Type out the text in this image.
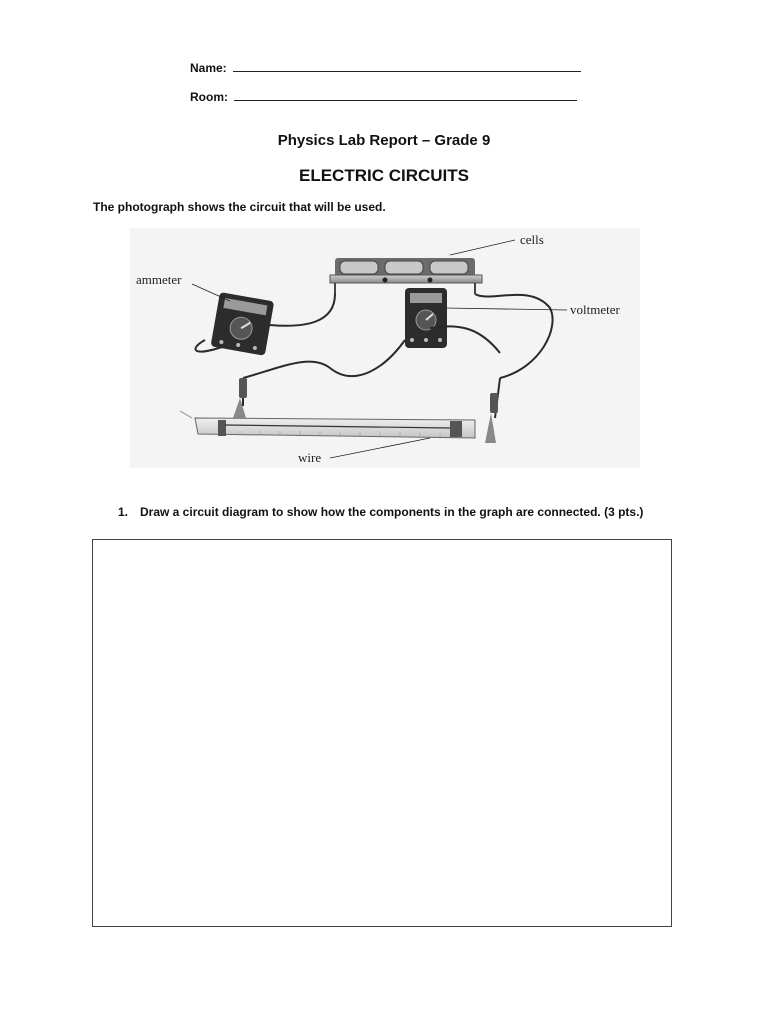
Name:
Room:
Physics Lab Report – Grade 9
ELECTRIC CIRCUITS
The photograph shows the circuit that will be used.
cells
ammeter
voltmeter
wire
1. Draw a circuit diagram to show how the components in the graph are connected. (3 pts.)
